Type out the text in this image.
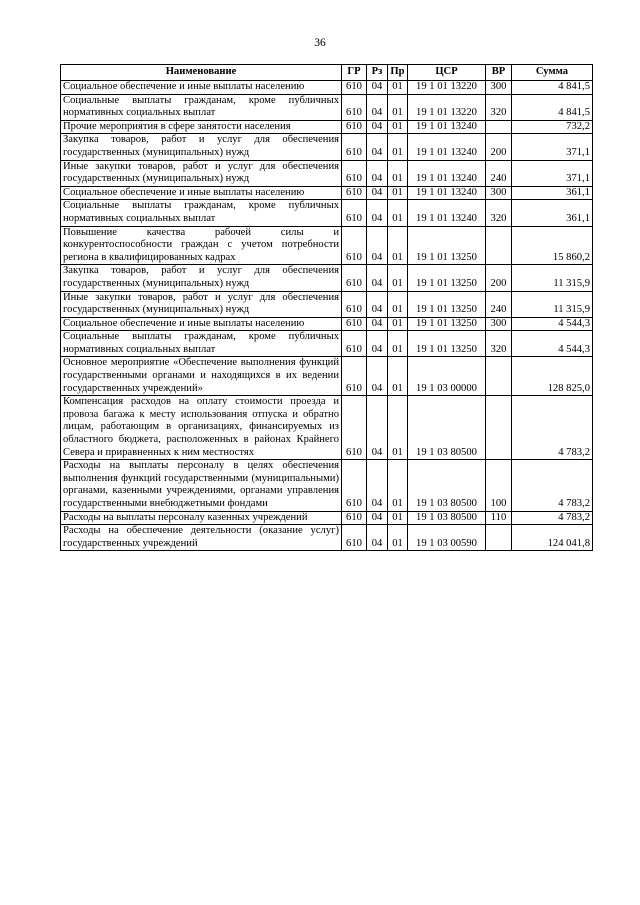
36
Наименование	ГР	Рз	Пр	ЦСР	ВР	Сумма
Социальное обеспечение и иные выплаты населению	610	04	01	19 1 01 13220	300	4 841,5
Социальные выплаты гражданам, кроме публичных нормативных социальных выплат	610	04	01	19 1 01 13220	320	4 841,5
Прочие мероприятия в сфере занятости населения	610	04	01	19 1 01 13240		732,2
Закупка товаров, работ и услуг для обеспечения государственных (муниципальных) нужд	610	04	01	19 1 01 13240	200	371,1
Иные закупки товаров, работ и услуг для обеспечения государственных (муниципальных) нужд	610	04	01	19 1 01 13240	240	371,1
Социальное обеспечение и иные выплаты населению	610	04	01	19 1 01 13240	300	361,1
Социальные выплаты гражданам, кроме публичных нормативных социальных выплат	610	04	01	19 1 01 13240	320	361,1
Повышение качества рабочей силы и конкурентоспособности граждан с учетом потребности региона в квалифицированных кадрах	610	04	01	19 1 01 13250		15 860,2
Закупка товаров, работ и услуг для обеспечения государственных (муниципальных) нужд	610	04	01	19 1 01 13250	200	11 315,9
Иные закупки товаров, работ и услуг для обеспечения государственных (муниципальных) нужд	610	04	01	19 1 01 13250	240	11 315,9
Социальное обеспечение и иные выплаты населению	610	04	01	19 1 01 13250	300	4 544,3
Социальные выплаты гражданам, кроме публичных нормативных социальных выплат	610	04	01	19 1 01 13250	320	4 544,3
Основное мероприятие «Обеспечение выполнения функций государственными органами и находящихся в их ведении государственных учреждений»	610	04	01	19 1 03 00000		128 825,0
Компенсация расходов на оплату стоимости проезда и провоза багажа к месту использования отпуска и обратно лицам, работающим в организациях, финансируемых из областного бюджета, расположенных в районах Крайнего Севера и приравненных к ним местностях	610	04	01	19 1 03 80500		4 783,2
Расходы на выплаты персоналу в целях обеспечения выполнения функций государственными (муниципальными) органами, казенными учреждениями, органами управления государственными внебюджетными фондами	610	04	01	19 1 03 80500	100	4 783,2
Расходы на выплаты персоналу казенных учреждений	610	04	01	19 1 03 80500	110	4 783,2
Расходы на обеспечение деятельности (оказание услуг) государственных учреждений	610	04	01	19 1 03 00590		124 041,8
